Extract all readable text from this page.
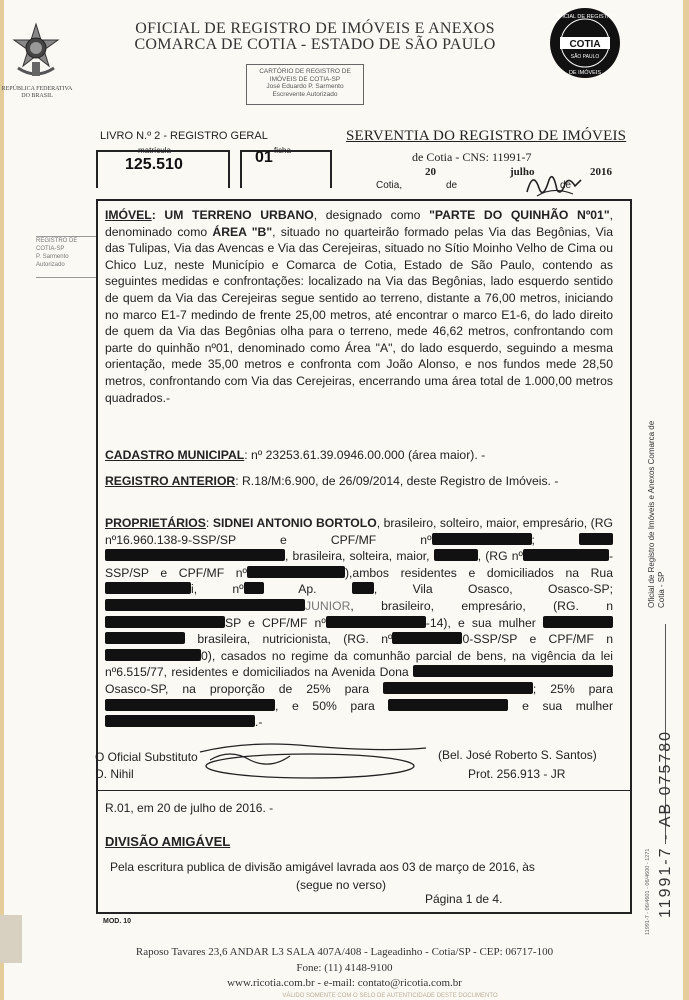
REPÚBLICA FEDERATIVA DO BRASIL
OFICIAL DE REGISTRO DE IMÓVEIS E ANEXOS
COMARCA DE COTIA - ESTADO DE SÃO PAULO	COTIA
SÃO PAULO
OFICIAL DE REGISTRO
DE IMÓVEIS
CARTÓRIO DE REGISTRO DE
IMÓVEIS DE COTIA-SP
José Eduardo P. Sarmento
Escrevente Autorizado
LIVRO N.º 2 - REGISTRO GERAL
matrícula	ficha
125.510	01
SERVENTIA DO REGISTRO DE IMÓVEIS
de Cotia - CNS: 11991-7
20	julho	2016
Cotia,	de	de
REGISTRO DE
COTIA-SP
P. Sarmento
Autorizado
IMÓVEL: UM TERRENO URBANO, designado como "PARTE DO QUINHÃO Nº01", denominado como ÁREA "B", situado no quarteirão formado pelas Via das Begônias, Via das Tulipas, Via das Avencas e Via das Cerejeiras, situado no Sítio Moinho Velho de Cima ou Chico Luz, neste Município e Comarca de Cotia, Estado de São Paulo, contendo as seguintes medidas e confrontações: localizado na Via das Begônias, lado esquerdo sentido de quem da Via das Cerejeiras segue sentido ao terreno, distante a 76,00 metros, iniciando no marco E1-7 medindo de frente 25,00 metros, até encontrar o marco E1-6, do lado direito de quem da Via das Begônias olha para o terreno, mede 46,62 metros, confrontando com parte do quinhão nº01, denominado como Área "A", do lado esquerdo, seguindo a mesma orientação, mede 35,00 metros e confronta com João Alonso, e nos fundos mede 28,50 metros, confrontando com Via das Cerejeiras, encerrando uma área total de 1.000,00 metros quadrados.-
CADASTRO MUNICIPAL: nº 23253.61.39.0946.00.000 (área maior). -
REGISTRO ANTERIOR: R.18/M:6.900, de 26/09/2014, deste Registro de Imóveis. -
PROPRIETÁRIOS: SIDNEI ANTONIO BORTOLO, brasileiro, solteiro, maior, empresário, (RG nº16.960.138-9-SSP/SP e CPF/MF nº	;  , brasileira, solteira, maior,	, (RG nº	-SSP/SP e CPF/MF nº	),ambos residentes e domiciliados na Rua i, nº Ap. , Vila Osasco, Osasco-SP; JUNIOR, brasileiro, empresário, (RG. nSP e CPF/MF nº	-14), e sua mulher   brasileira, nutricionista, (RG. nº	0-SSP/SP e CPF/MF n0), casados no regime da comunhão parcial de bens, na vigência da lei nº6.515/77, residentes e domiciliados na Avenida Dona  Osasco-SP, na proporção de 25% para	; 25% para , e 50% para	e sua mulher .-
O Oficial Substituto
D. Nihil
(Bel. José Roberto S. Santos)
Prot. 256.913 - JR
R.01, em 20 de julho de 2016. -
DIVISÃO AMIGÁVEL
Pela escritura publica de divisão amigável lavrada aos 03 de março de 2016, às
(segue no verso)
Página 1 de 4.
MOD. 10
Raposo Tavares 23,6 ANDAR L3 SALA 407A/408 - Lageadinho - Cotia/SP - CEP: 06717-100
Fone: (11) 4148-9100
www.ricotia.com.br - e-mail: contato@ricotia.com.br
VÁLIDO SOMENTE COM O SELO DE AUTENTICIDADE DESTE DOCUMENTO
Oficial de Registro de Imóveis e Anexos Comarca de Cotia - SP
11991-7 - AB 075780
11991-7 - 06/4601 - 06/4600 - 1271
